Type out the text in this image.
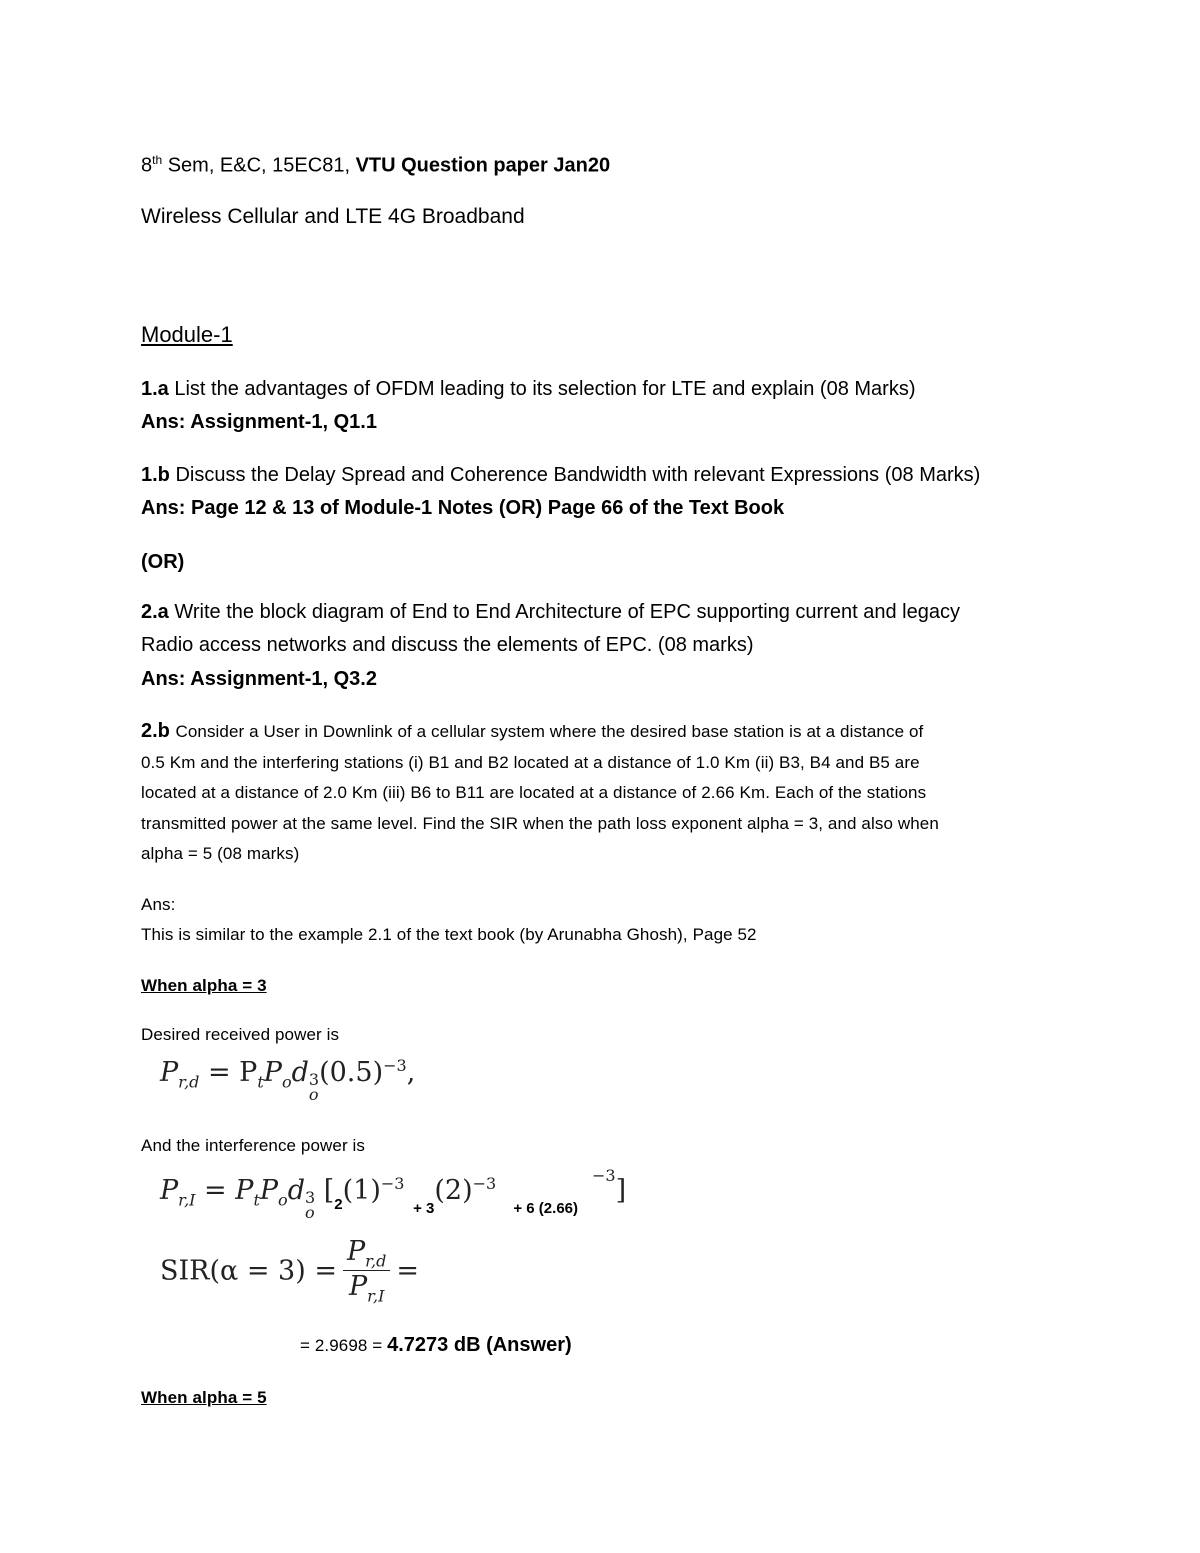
8th Sem, E&C, 15EC81, VTU Question paper Jan20
Wireless Cellular and LTE 4G Broadband
Module-1
1.a List the advantages of OFDM leading to its selection for LTE and explain (08 Marks)
Ans: Assignment-1, Q1.1
1.b Discuss the Delay Spread and Coherence Bandwidth with relevant Expressions (08 Marks)
Ans: Page 12 & 13 of Module-1 Notes (OR) Page 66 of the Text Book
(OR)
2.a Write the block diagram of End to End Architecture of EPC supporting current and legacy
Radio access networks and discuss the elements of EPC. (08 marks)
Ans: Assignment-1, Q3.2
2.b Consider a User in Downlink of a cellular system where the desired base station is at a distance of
0.5 Km and the interfering stations (i) B1 and B2 located at a distance of 1.0 Km (ii) B3, B4 and B5 are
located at a distance of 2.0 Km (iii) B6 to B11 are located at a distance of 2.66 Km. Each of the stations
transmitted power at the same level. Find the SIR when the path loss exponent alpha = 3, and also when
alpha = 5 (08 marks)
Ans:
This is similar to the example 2.1 of the text book (by Arunabha Ghosh), Page 52
When alpha = 3
Desired received power is
$P_{r,d} = P_tP_od$ 3
o
$(0.5)^{-3}$,
And the interference power is
$P_{r,I} = P_tP_od$ 3
o
[$_2(1)^{-3}$ $_{+ 3}(2)^{-3}$  $_{+ 6 (2.66)}^{-3}$]
$SIR(\alpha = 3) = \frac{P_{r,d}}{P_{r,I}}$ =
= 2.9698 = 4.7273 dB (Answer)
When alpha = 5
